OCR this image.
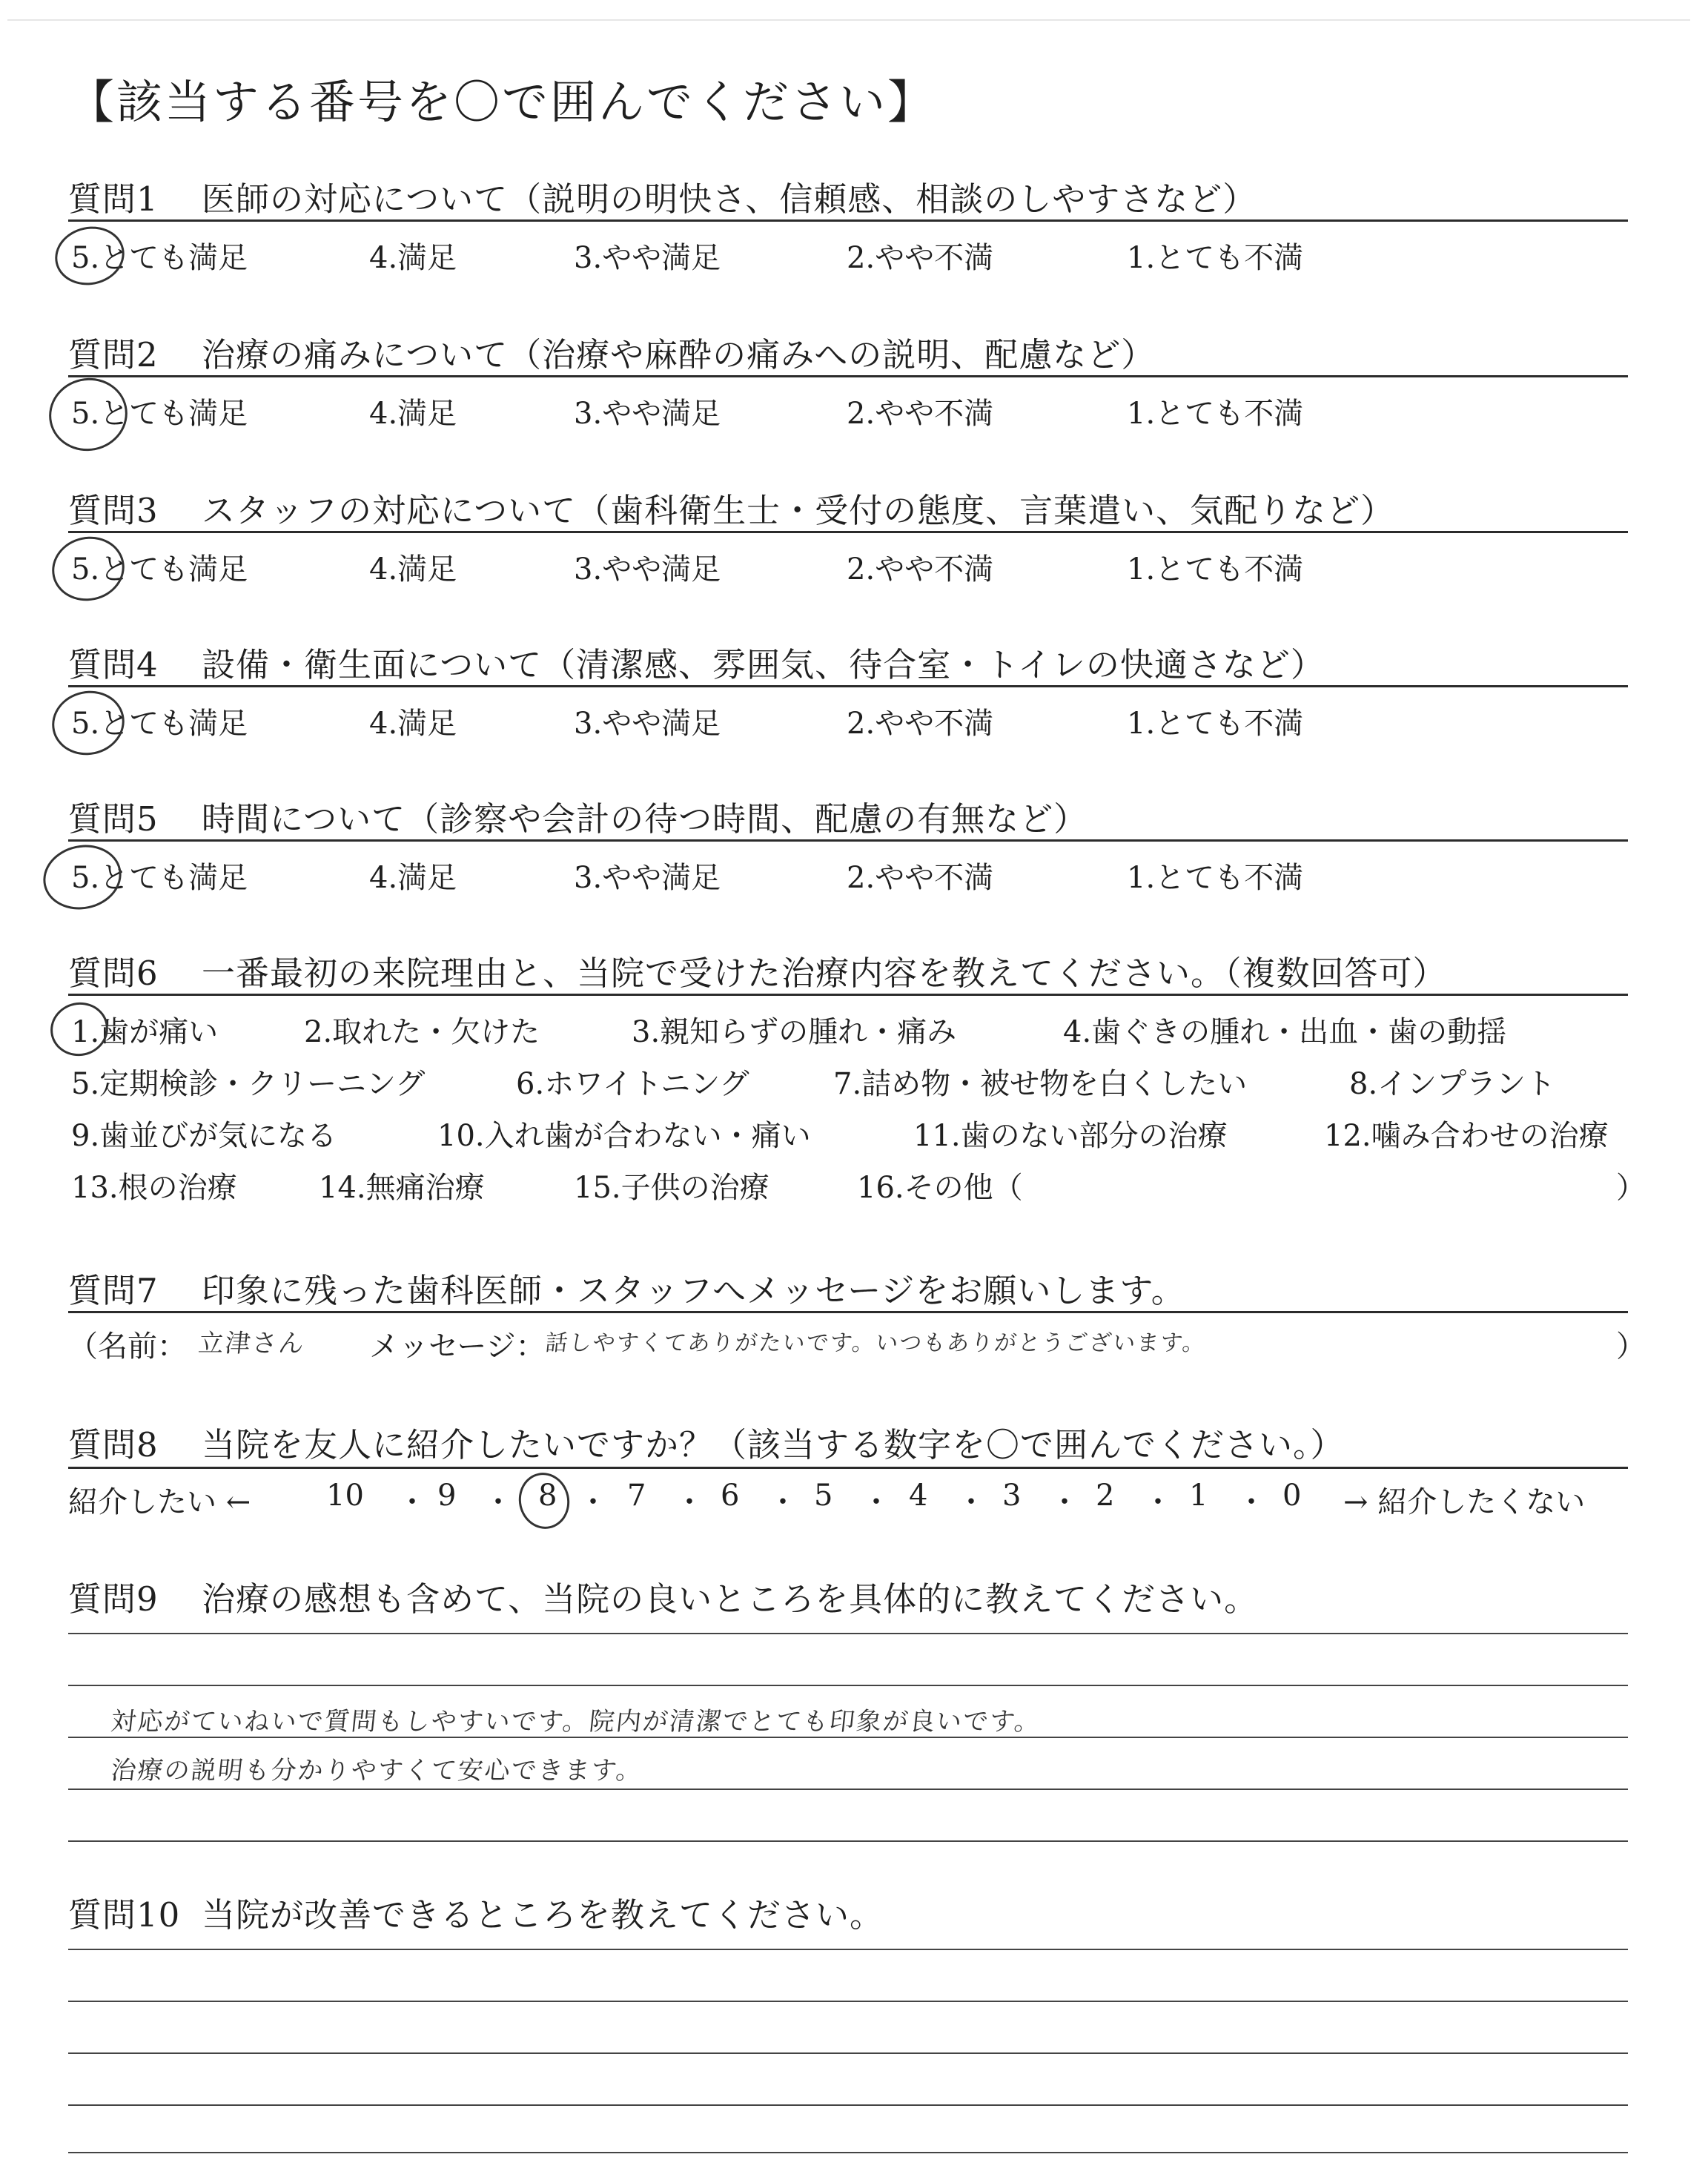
【該当する番号を〇で囲んでください】
質問1 医師の対応について（説明の明快さ、信頼感、相談のしやすさなど）
5.とても満足	4.満足	3.やや満足	2.やや不満	1.とても不満
質問2 治療の痛みについて（治療や麻酔の痛みへの説明、配慮など）
5.とても満足	4.満足	3.やや満足	2.やや不満	1.とても不満
質問3 スタッフの対応について（歯科衛生士・受付の態度、言葉遣い、気配りなど）
5.とても満足	4.満足	3.やや満足	2.やや不満	1.とても不満
質問4 設備・衛生面について（清潔感、雰囲気、待合室・トイレの快適さなど）
5.とても満足	4.満足	3.やや満足	2.やや不満	1.とても不満
質問5 時間について（診察や会計の待つ時間、配慮の有無など）
5.とても満足	4.満足	3.やや満足	2.やや不満	1.とても不満
質問6 一番最初の来院理由と、当院で受けた治療内容を教えてください。（複数回答可）
1.歯が痛い	2.取れた・欠けた	3.親知らずの腫れ・痛み	4.歯ぐきの腫れ・出血・歯の動揺
5.定期検診・クリーニング	6.ホワイトニング	7.詰め物・被せ物を白くしたい	8.インプラント
9.歯並びが気になる	10.入れ歯が合わない・痛い	11.歯のない部分の治療	12.噛み合わせの治療
13.根の治療	14.無痛治療	15.子供の治療	16.その他（	）
質問7 印象に残った歯科医師・スタッフへメッセージをお願いします。
（名前： 立津さん メッセージ：
話しやすくてありがたいです。いつもありがとうございます。	）
質問8 当院を友人に紹介したいですか？（該当する数字を〇で囲んでください。）
紹介したい ←	10 ・ 9 ・ 8 ・ 7 ・ 6 ・ 5 ・ 4 ・ 3 ・ 2 ・ 1 ・ 0 → 紹介したくない
質問9 治療の感想も含めて、当院の良いところを具体的に教えてください。
対応がていねいで質問もしやすいです。院内が清潔でとても印象が良いです。
治療の説明も分かりやすくて安心できます。
質問10 当院が改善できるところを教えてください。
